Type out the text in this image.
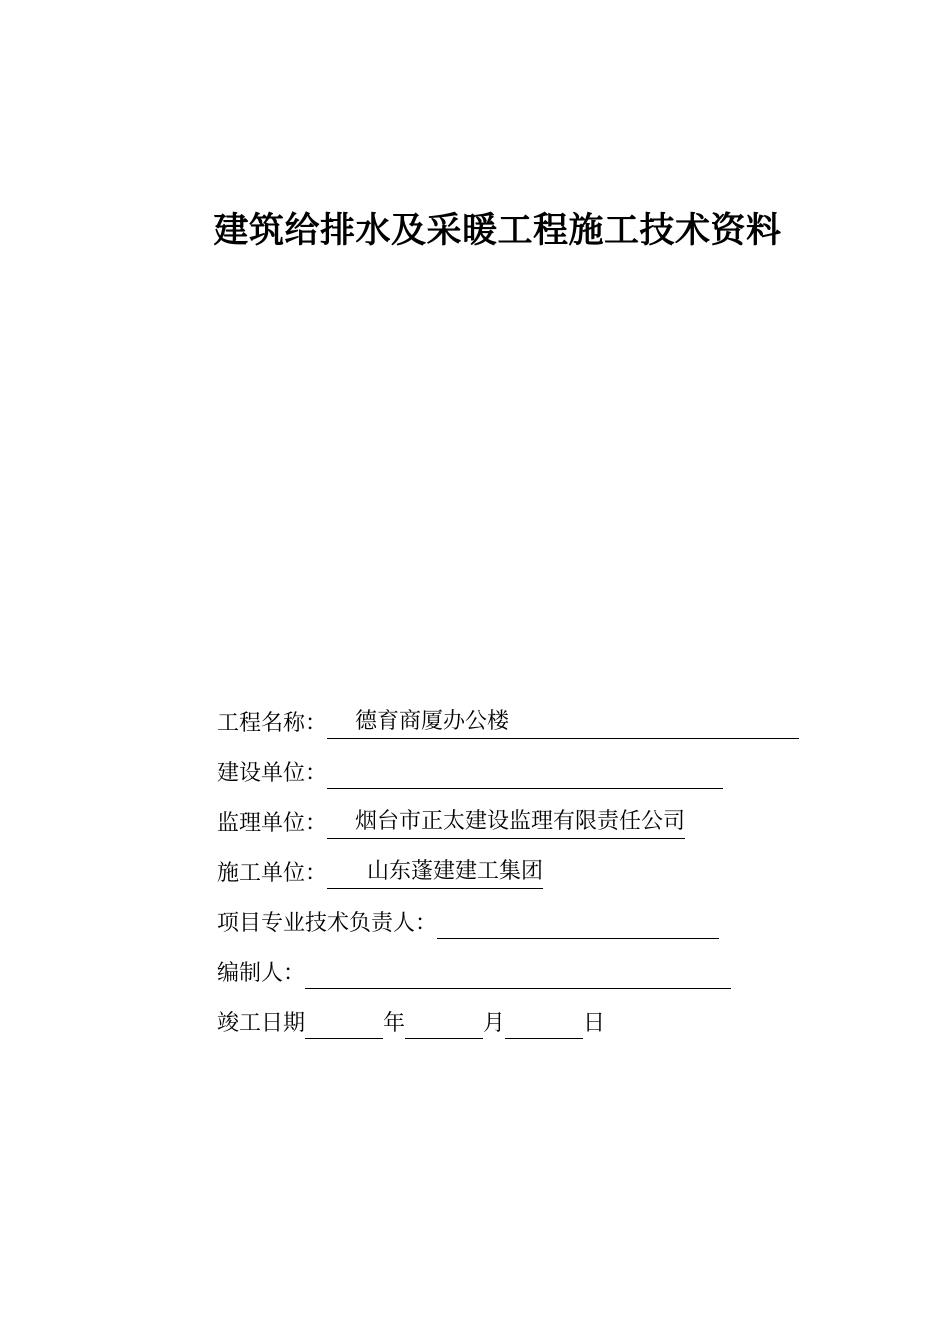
建筑给排水及采暖工程施工技术资料
工程名称： 德育商厦办公楼
建设单位：
监理单位： 烟台市正太建设监理有限责任公司
施工单位： 山东蓬建建工集团
项目专业技术负责人：
编制人：
竣工日期	年	月	日
